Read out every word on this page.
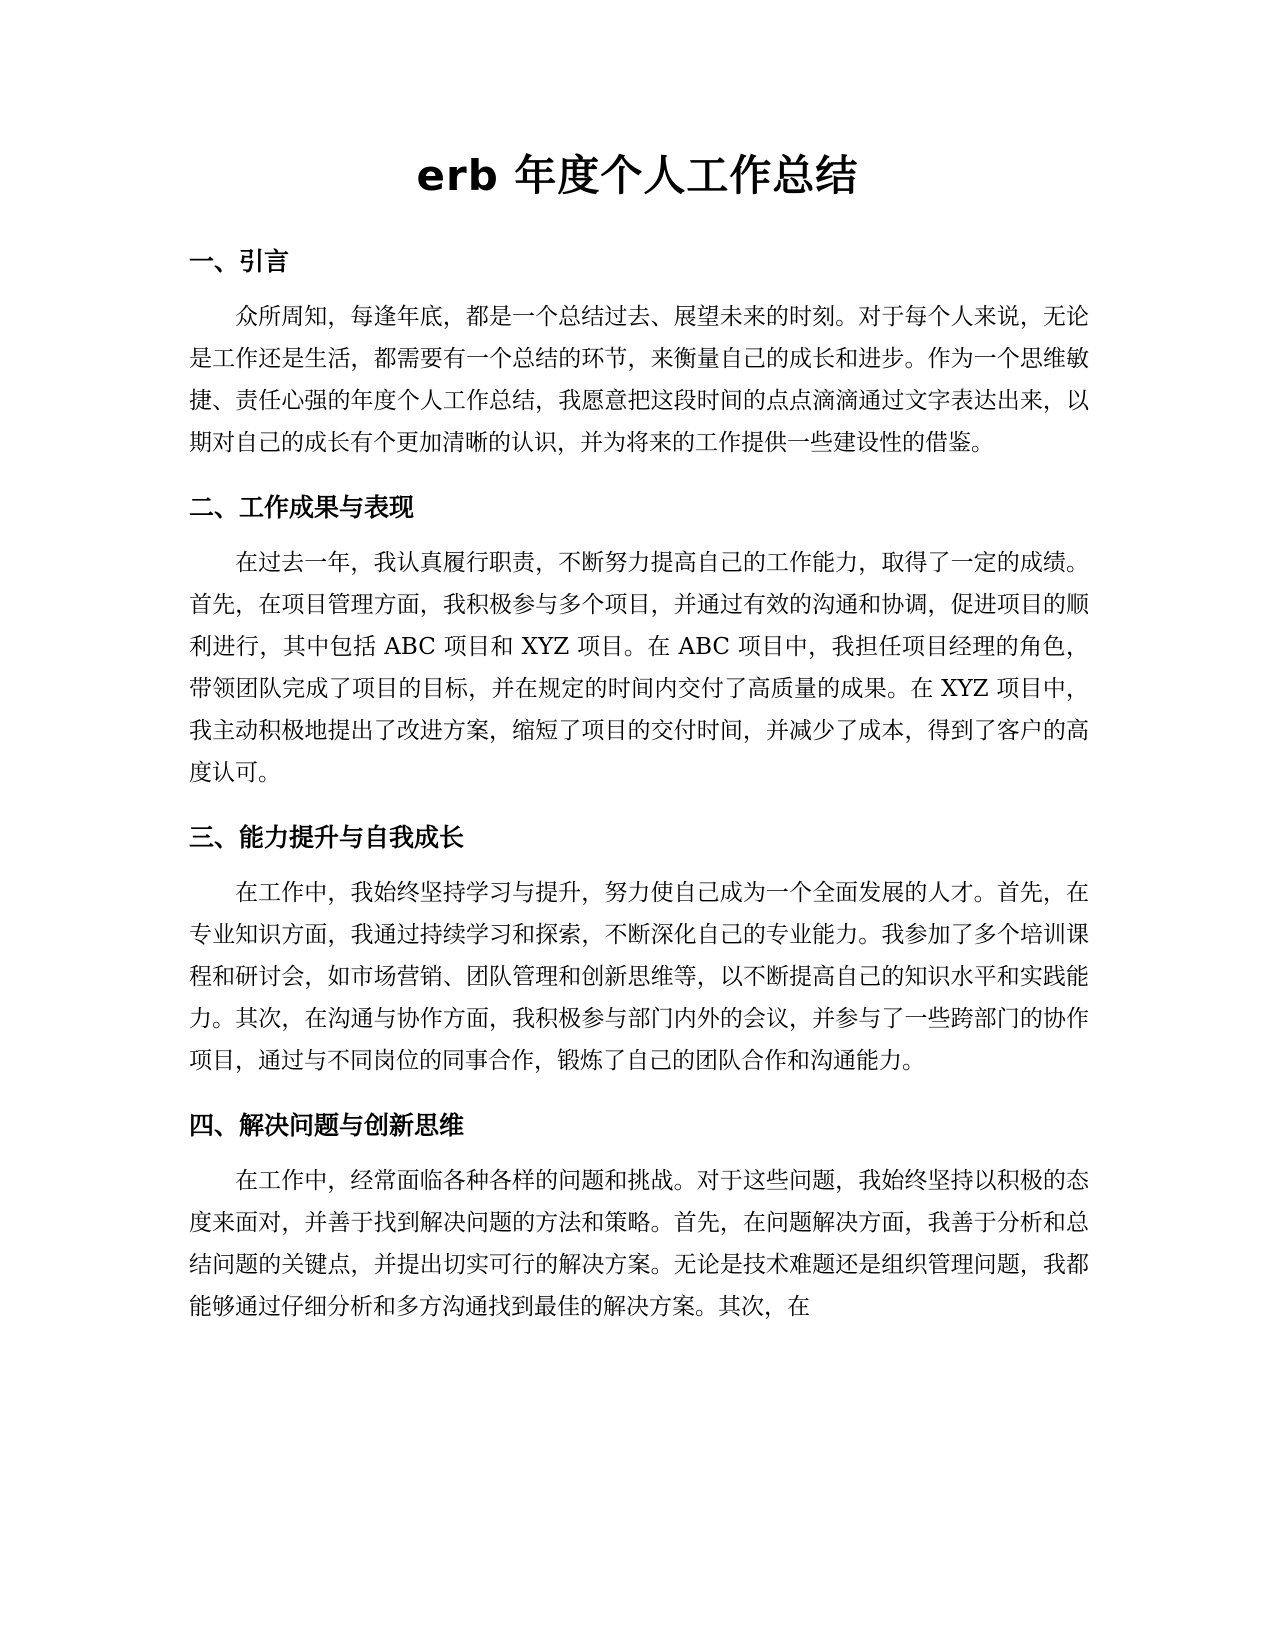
erb 年度个人工作总结
一、引言

众所周知，每逢年底，都是一个总结过去、展望未来的时刻。对于每个人来说，无论是工作还是生活，都需要有一个总结的环节，来衡量自己的成长和进步。作为一个思维敏捷、责任心强的年度个人工作总结，我愿意把这段时间的点点滴滴通过文字表达出来，以期对自己的成长有个更加清晰的认识，并为将来的工作提供一些建设性的借鉴。

二、工作成果与表现

在过去一年，我认真履行职责，不断努力提高自己的工作能力，取得了一定的成绩。首先，在项目管理方面，我积极参与多个项目，并通过有效的沟通和协调，促进项目的顺利进行，其中包括 ABC 项目和 XYZ 项目。在 ABC 项目中，我担任项目经理的角色，带领团队完成了项目的目标，并在规定的时间内交付了高质量的成果。在 XYZ 项目中，我主动积极地提出了改进方案，缩短了项目的交付时间，并减少了成本，得到了客户的高度认可。

三、能力提升与自我成长

在工作中，我始终坚持学习与提升，努力使自己成为一个全面发展的人才。首先，在专业知识方面，我通过持续学习和探索，不断深化自己的专业能力。我参加了多个培训课程和研讨会，如市场营销、团队管理和创新思维等，以不断提高自己的知识水平和实践能力。其次，在沟通与协作方面，我积极参与部门内外的会议，并参与了一些跨部门的协作项目，通过与不同岗位的同事合作，锻炼了自己的团队合作和沟通能力。

四、解决问题与创新思维

在工作中，经常面临各种各样的问题和挑战。对于这些问题，我始终坚持以积极的态度来面对，并善于找到解决问题的方法和策略。首先，在问题解决方面，我善于分析和总结问题的关键点，并提出切实可行的解决方案。无论是技术难题还是组织管理问题，我都能够通过仔细分析和多方沟通找到最佳的解决方案。其次，在
